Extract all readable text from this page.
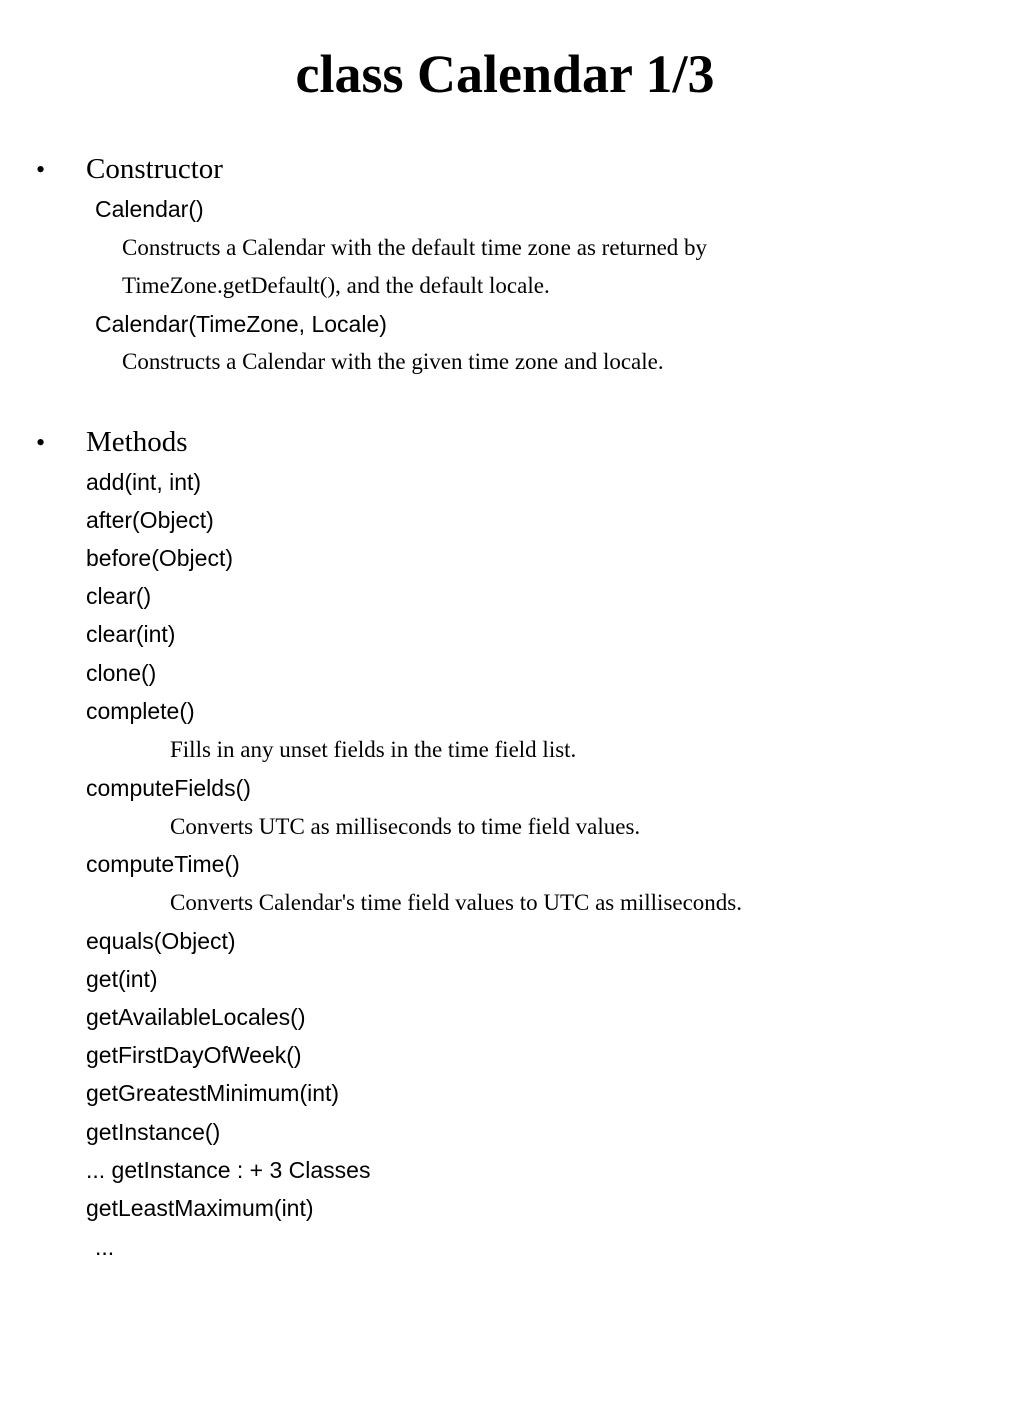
class Calendar 1/3
• Constructor
Calendar()
Constructs a Calendar with the default time zone as returned by
TimeZone.getDefault(), and the default locale.
Calendar(TimeZone, Locale)
Constructs a Calendar with the given time zone and locale.
• Methods
add(int, int)
after(Object)
before(Object)
clear()
clear(int)
clone()
complete()
Fills in any unset fields in the time field list.
computeFields()
Converts UTC as milliseconds to time field values.
computeTime()
Converts Calendar's time field values to UTC as milliseconds.
equals(Object)
get(int)
getAvailableLocales()
getFirstDayOfWeek()
getGreatestMinimum(int)
getInstance()
... getInstance : + 3 Classes
getLeastMaximum(int)
...
